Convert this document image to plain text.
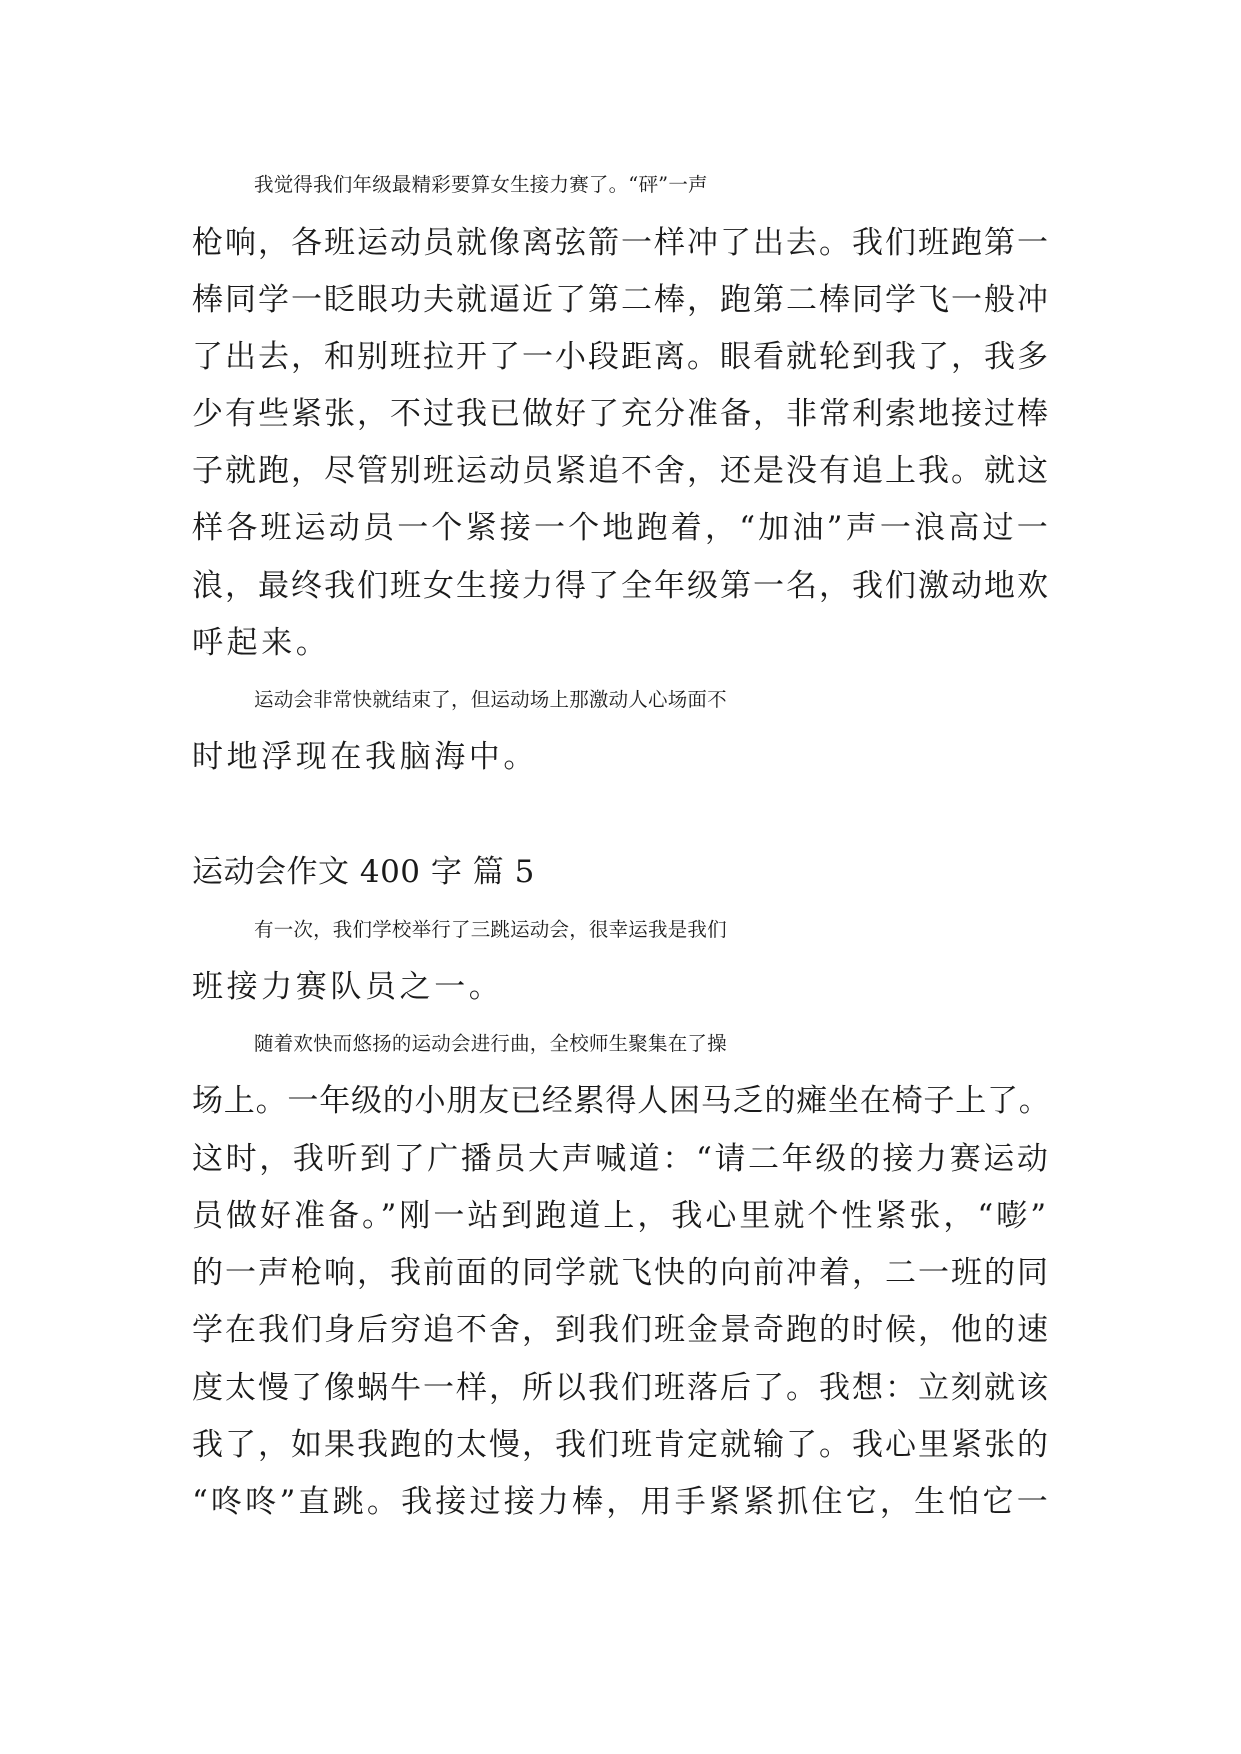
我觉得我们年级最精彩要算女生接力赛了。“砰”一声
枪响，各班运动员就像离弦箭一样冲了出去。我们班跑第一
棒同学一眨眼功夫就逼近了第二棒，跑第二棒同学飞一般冲
了出去，和别班拉开了一小段距离。眼看就轮到我了，我多
少有些紧张，不过我已做好了充分准备，非常利索地接过棒
子就跑，尽管别班运动员紧追不舍，还是没有追上我。就这
样各班运动员一个紧接一个地跑着，“加油”声一浪高过一
浪，最终我们班女生接力得了全年级第一名，我们激动地欢
呼起来。
运动会非常快就结束了，但运动场上那激动人心场面不
时地浮现在我脑海中。
运动会作文 400 字 篇 5
有一次，我们学校举行了三跳运动会，很幸运我是我们
班接力赛队员之一。
随着欢快而悠扬的运动会进行曲，全校师生聚集在了操
场上。一年级的小朋友已经累得人困马乏的瘫坐在椅子上了。
这时，我听到了广播员大声喊道：“请二年级的接力赛运动
员做好准备。”刚一站到跑道上，我心里就个性紧张，“嘭”
的一声枪响，我前面的同学就飞快的向前冲着，二一班的同
学在我们身后穷追不舍，到我们班金景奇跑的时候，他的速
度太慢了像蜗牛一样，所以我们班落后了。我想：立刻就该
我了，如果我跑的太慢，我们班肯定就输了。我心里紧张的
“咚咚”直跳。我接过接力棒，用手紧紧抓住它，生怕它一
